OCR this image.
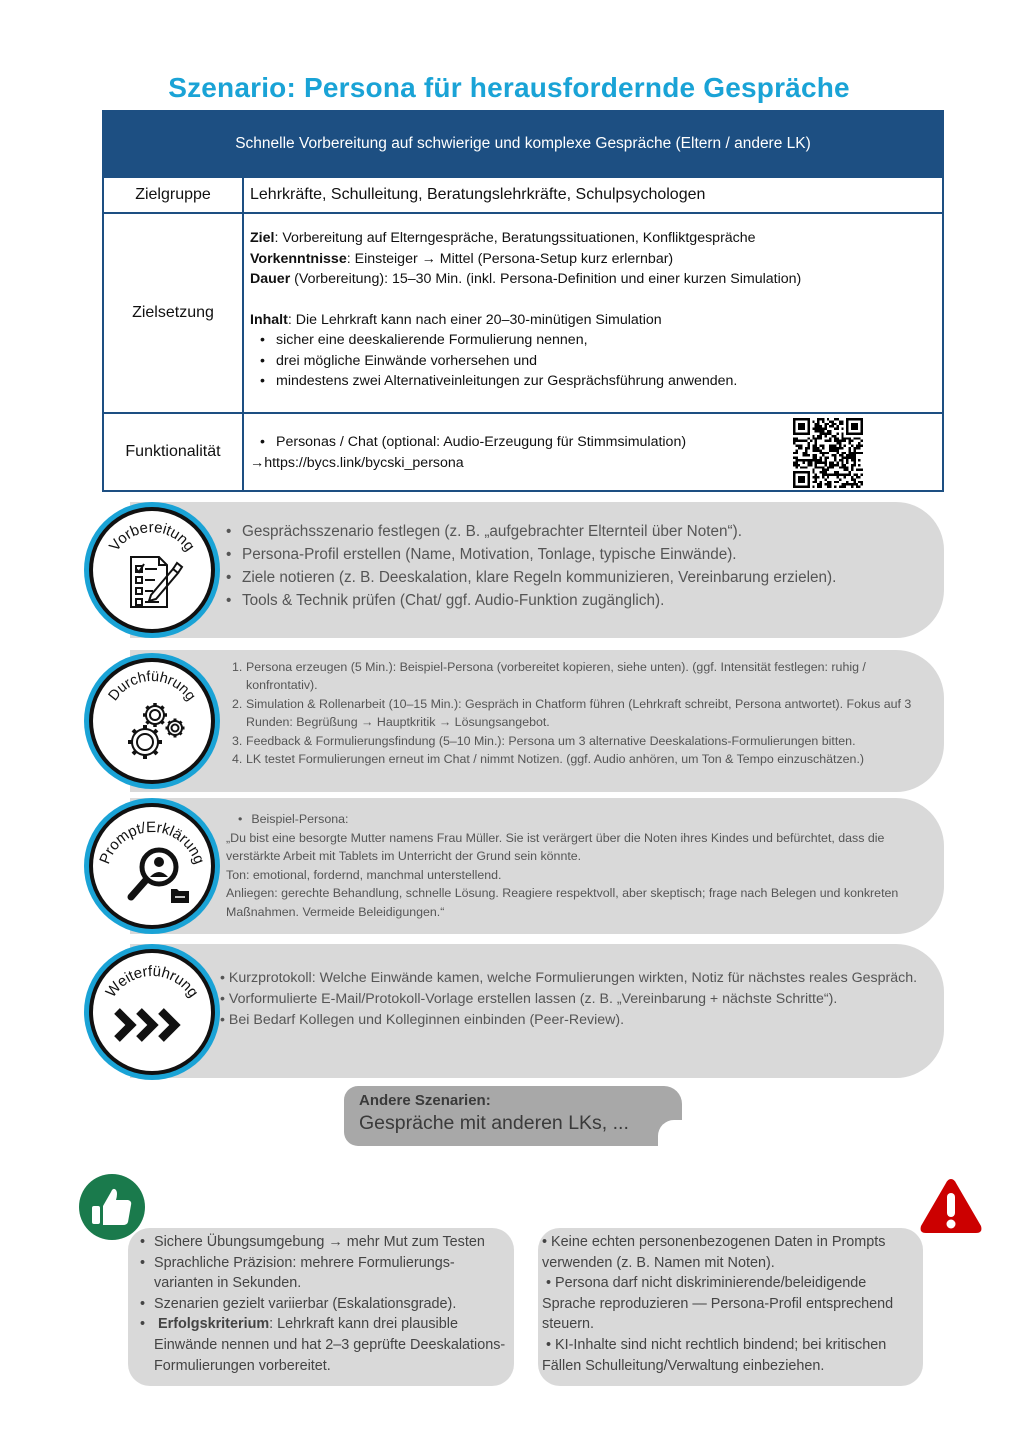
Szenario: Persona für herausfordernde Gespräche
Schnelle Vorbereitung auf schwierige und komplexe Gespräche (Eltern / andere LK)
Zielgruppe	Lehrkräfte, Schulleitung, Beratungslehrkräfte, Schulpsychologen
Zielsetzung
Ziel: Vorbereitung auf Elterngespräche, Beratungssituationen, Konfliktgespräche
Vorkenntnisse: Einsteiger → Mittel (Persona-Setup kurz erlernbar)
Dauer (Vorbereitung): 15–30 Min. (inkl. Persona-Definition und einer kurzen Simulation)
Inhalt: Die Lehrkraft kann nach einer 20–30-minütigen Simulation
• sicher eine deeskalierende Formulierung nennen,
• drei mögliche Einwände vorhersehen und
• mindestens zwei Alternativeinleitungen zur Gesprächsführung anwenden.
Funktionalität
• Personas / Chat (optional: Audio-Erzeugung für Stimmsimulation)
→https://bycs.link/bycski_persona
Vorbereitung
• Gesprächsszenario festlegen (z. B. „aufgebrachter Elternteil über Noten“).
• Persona-Profil erstellen (Name, Motivation, Tonlage, typische Einwände).
• Ziele notieren (z. B. Deeskalation, klare Regeln kommunizieren, Vereinbarung erzielen).
• Tools & Technik prüfen (Chat/ ggf. Audio-Funktion zugänglich).
Durchführung
1. Persona erzeugen (5 Min.): Beispiel-Persona (vorbereitet kopieren, siehe unten). (ggf. Intensität festlegen: ruhig / konfrontativ).
2. Simulation & Rollenarbeit (10–15 Min.): Gespräch in Chatform führen (Lehrkraft schreibt, Persona antwortet). Fokus auf 3 Runden: Begrüßung → Hauptkritik → Lösungsangebot.
3. Feedback & Formulierungsfindung (5–10 Min.): Persona um 3 alternative Deeskalations-Formulierungen bitten.
4. LK testet Formulierungen erneut im Chat / nimmt Notizen. (ggf. Audio anhören, um Ton & Tempo einzuschätzen.)
Prompt/Erklärung
• Beispiel-Persona:
„Du bist eine besorgte Mutter namens Frau Müller. Sie ist verärgert über die Noten ihres Kindes und befürchtet, dass die verstärkte Arbeit mit Tablets im Unterricht der Grund sein könnte.
Ton: emotional, fordernd, manchmal unterstellend.
Anliegen: gerechte Behandlung, schnelle Lösung. Reagiere respektvoll, aber skeptisch; frage nach Belegen und konkreten Maßnahmen. Vermeide Beleidigungen.“
Weiterführung
• Kurzprotokoll: Welche Einwände kamen, welche Formulierungen wirkten, Notiz für nächstes reales Gespräch.
• Vorformulierte E-Mail/Protokoll-Vorlage erstellen lassen (z. B. „Vereinbarung + nächste Schritte“).
• Bei Bedarf Kollegen und Kolleginnen einbinden (Peer-Review).
Andere Szenarien:
Gespräche mit anderen LKs, ...
• Sichere Übungsumgebung → mehr Mut zum Testen
• Sprachliche Präzision: mehrere Formulierungs-varianten in Sekunden.
• Szenarien gezielt variierbar (Eskalationsgrade).
•  Erfolgskriterium: Lehrkraft kann drei plausible Einwände nennen und hat 2–3 geprüfte Deeskalations-Formulierungen vorbereitet.
• Keine echten personenbezogenen Daten in Prompts verwenden (z. B. Namen mit Noten).
• Persona darf nicht diskriminierende/beleidigende Sprache reproduzieren — Persona-Profil entsprechend steuern.
• KI-Inhalte sind nicht rechtlich bindend; bei kritischen Fällen Schulleitung/Verwaltung einbeziehen.
